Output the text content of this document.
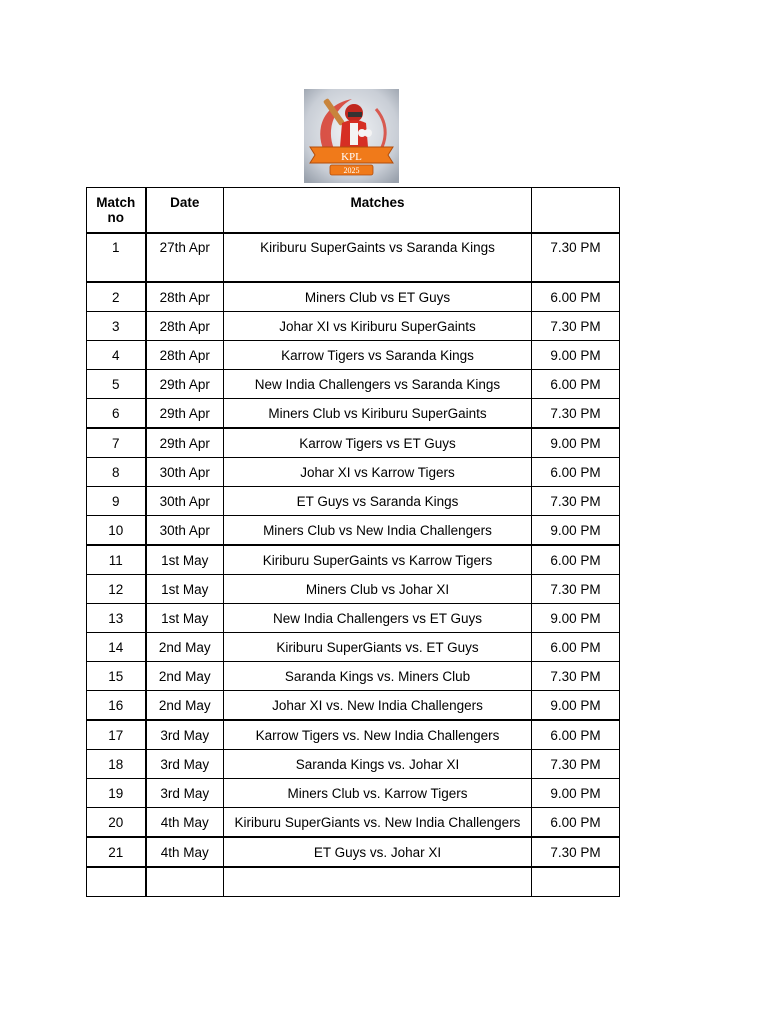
KPL
2025
Match
no	Date	Matches	
1	27th Apr	Kiriburu SuperGaints vs Saranda Kings	7.30 PM
2	28th Apr	Miners Club vs ET Guys	6.00 PM
3	28th Apr	Johar XI vs Kiriburu SuperGaints	7.30 PM
4	28th Apr	Karrow Tigers vs Saranda Kings	9.00 PM
5	29th Apr	New India Challengers vs Saranda Kings	6.00 PM
6	29th Apr	Miners Club vs Kiriburu SuperGaints	7.30 PM
7	29th Apr	Karrow Tigers vs ET Guys	9.00 PM
8	30th Apr	Johar XI vs Karrow Tigers	6.00 PM
9	30th Apr	ET Guys vs Saranda Kings	7.30 PM
10	30th Apr	Miners Club vs New India Challengers	9.00 PM
11	1st May	Kiriburu SuperGaints vs Karrow Tigers	6.00 PM
12	1st May	Miners Club vs Johar XI	7.30 PM
13	1st May	New India Challengers vs ET Guys	9.00 PM
14	2nd May	Kiriburu SuperGiants vs. ET Guys	6.00 PM
15	2nd May	Saranda Kings vs. Miners Club	7.30 PM
16	2nd May	Johar XI vs. New India Challengers	9.00 PM
17	3rd May	Karrow Tigers vs. New India Challengers	6.00 PM
18	3rd May	Saranda Kings vs. Johar XI	7.30 PM
19	3rd May	Miners Club vs. Karrow Tigers	9.00 PM
20	4th May	Kiriburu SuperGiants vs. New India Challengers	6.00 PM
21	4th May	ET Guys vs. Johar XI	7.30 PM
